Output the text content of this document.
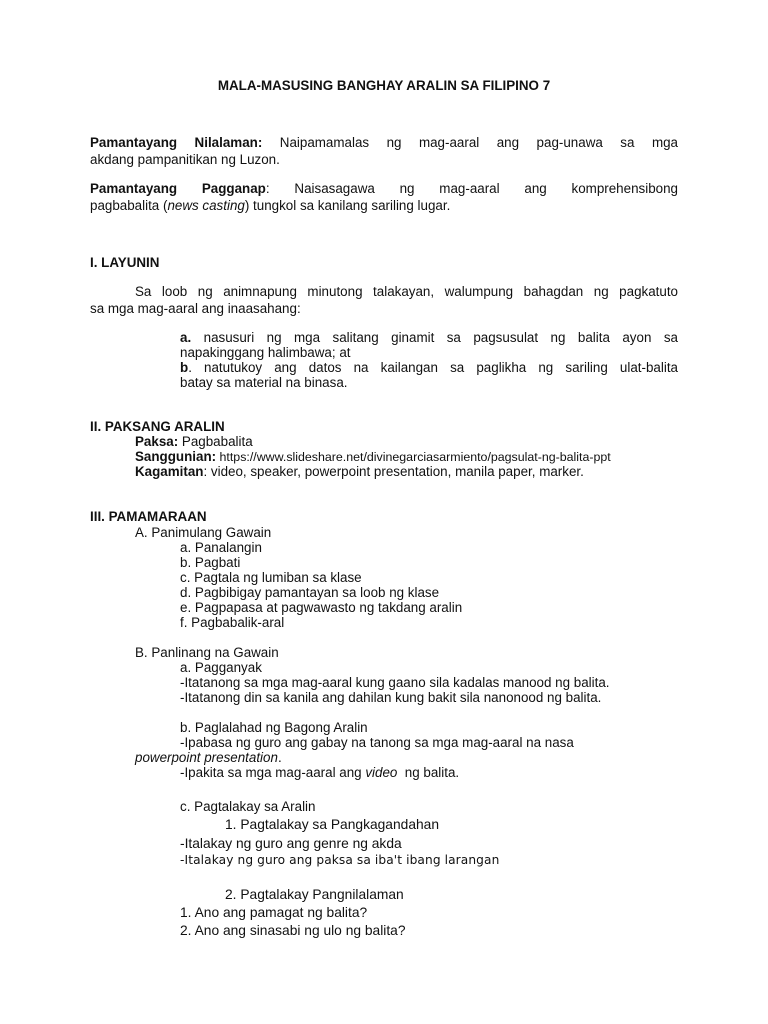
MALA-MASUSING BANGHAY ARALIN SA FILIPINO 7

Pamantayang Nilalaman: Naipamamalas ng mag-aaral ang pag-unawa sa mga

akdang pampanitikan ng Luzon.

Pamantayang Pagganap: Naisasagawa ng mag-aaral ang komprehensibong

pagbabalita (news casting) tungkol sa kanilang sariling lugar.

I. LAYUNIN

Sa loob ng animnapung minutong talakayan, walumpung bahagdan ng pagkatuto

sa mga mag-aaral ang inaasahang:

a. nasusuri ng mga salitang ginamit sa pagsusulat ng balita ayon sa

napakinggang halimbawa; at

b. natutukoy ang datos na kailangan sa paglikha ng sariling ulat-balita

batay sa material na binasa.

II. PAKSANG ARALIN

Paksa: Pagbabalita

Sanggunian: https://www.slideshare.net/divinegarciasarmiento/pagsulat-ng-balita-ppt

Kagamitan: video, speaker, powerpoint presentation, manila paper, marker.

III. PAMAMARAAN

A. Panimulang Gawain

a. Panalangin

b. Pagbati

c. Pagtala ng lumiban sa klase

d. Pagbibigay pamantayan sa loob ng klase

e. Pagpapasa at pagwawasto ng takdang aralin

f. Pagbabalik-aral

B. Panlinang na Gawain

a. Pagganyak

-Itatanong sa mga mag-aaral kung gaano sila kadalas manood ng balita.

-Itatanong din sa kanila ang dahilan kung bakit sila nanonood ng balita.

b. Paglalahad ng Bagong Aralin

-Ipabasa ng guro ang gabay na tanong sa mga mag-aaral na nasa

powerpoint presentation.

-Ipakita sa mga mag-aaral ang video  ng balita.

c. Pagtalakay sa Aralin

1. Pagtalakay sa Pangkagandahan

-Italakay ng guro ang genre ng akda

-Italakay ng guro ang paksa sa iba't ibang larangan

2. Pagtalakay Pangnilalaman

1. Ano ang pamagat ng balita?

2. Ano ang sinasabi ng ulo ng balita?
